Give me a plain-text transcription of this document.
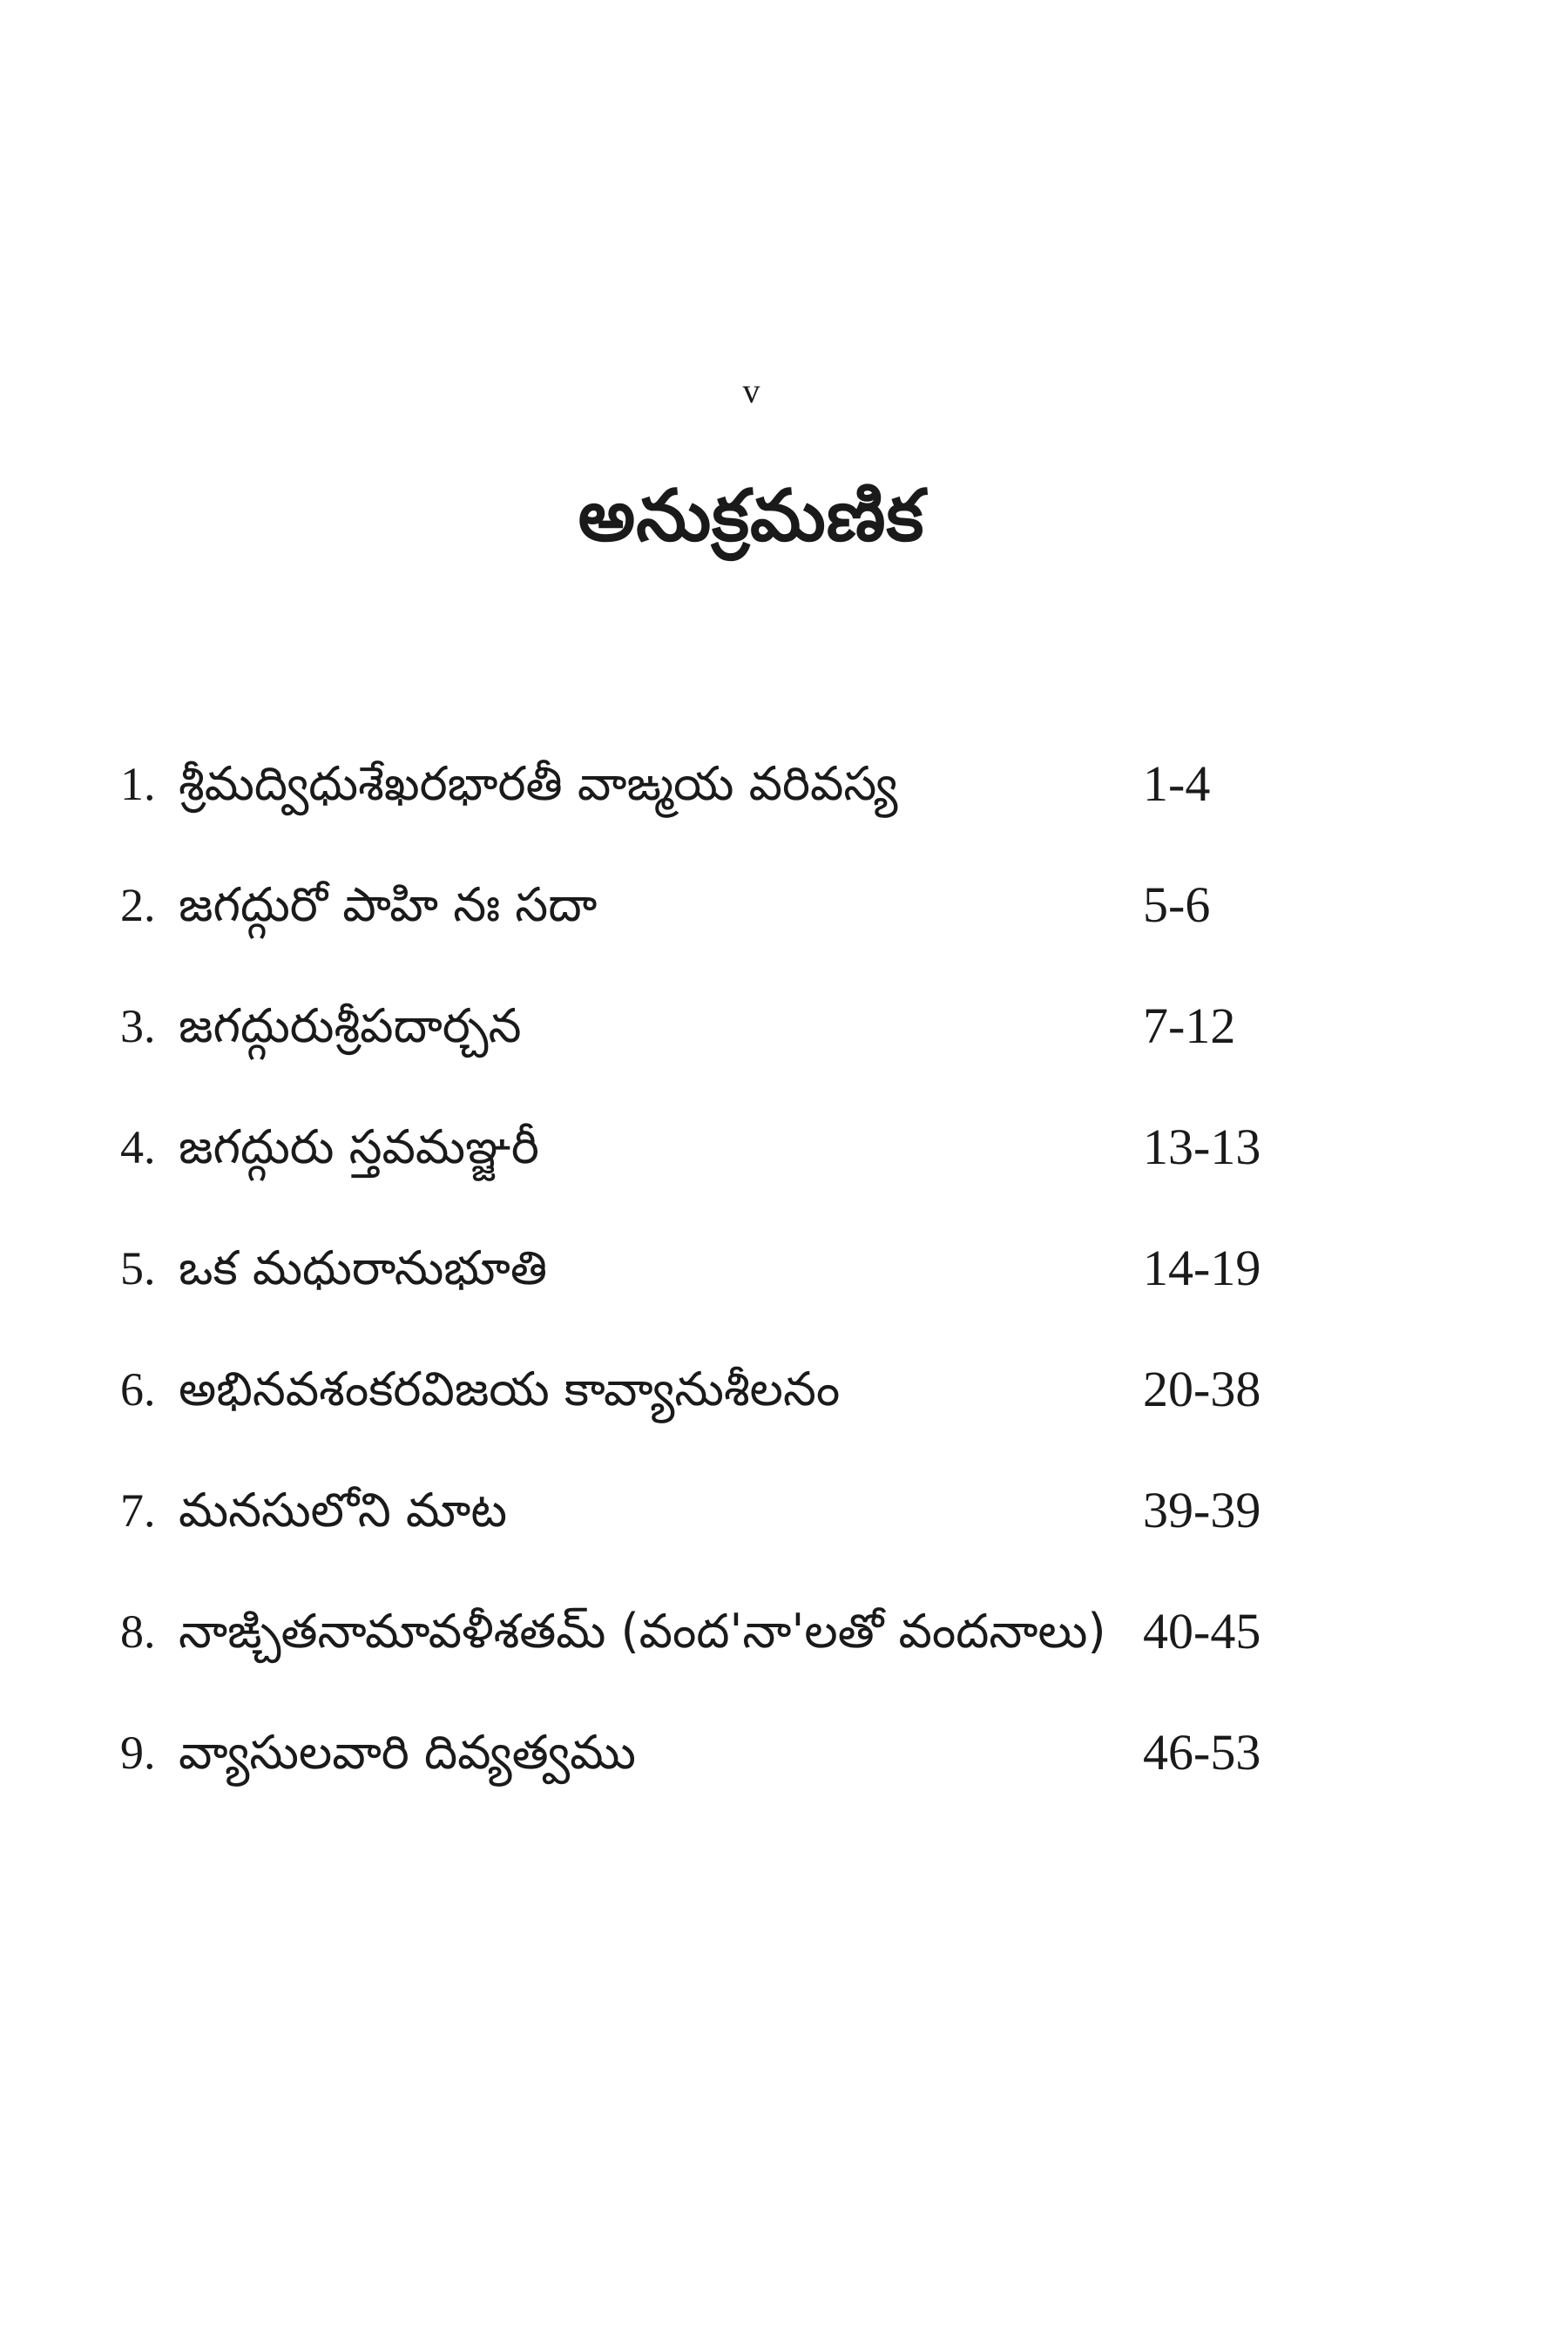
v
అనుక్రమణిక
1. శ్రీమద్విధుశేఖరభారతీ వాఙ్మయ వరివస్య	1-4
2. జగద్గురో పాహి నః సదా	5-6
3. జగద్గురుశ్రీపదార్చన	7-12
4. జగద్గురు స్తవమఞ్జరీ	13-13
5. ఒక మధురానుభూతి	14-19
6. అభినవశంకరవిజయ కావ్యానుశీలనం	20-38
7. మనసులోని మాట	39-39
8. నాఙ్చితనామావళీశతమ్ (వంద'నా'లతో వందనాలు) 40-45
9. వ్యాసులవారి దివ్యత్వము	46-53
